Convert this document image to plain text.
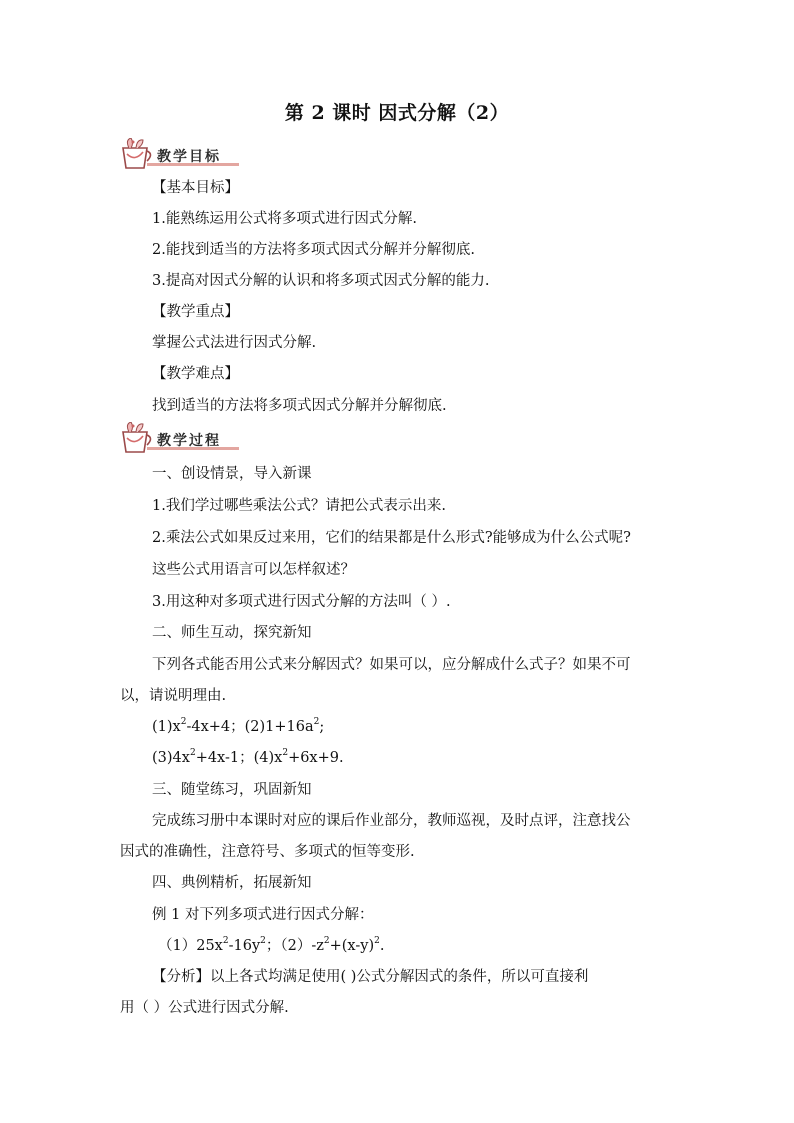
第 2 课时 因式分解（2）
教学目标
【基本目标】
1.能熟练运用公式将多项式进行因式分解.
2.能找到适当的方法将多项式因式分解并分解彻底.
3.提高对因式分解的认识和将多项式因式分解的能力.
【教学重点】
掌握公式法进行因式分解.
【教学难点】
找到适当的方法将多项式因式分解并分解彻底.
教学过程
一、创设情景，导入新课
1.我们学过哪些乘法公式？请把公式表示出来.
2.乘法公式如果反过来用，它们的结果都是什么形式?能够成为什么公式呢?
这些公式用语言可以怎样叙述？
3.用这种对多项式进行因式分解的方法叫（ ）.
二、师生互动，探究新知
下列各式能否用公式来分解因式？如果可以，应分解成什么式子？如果不可
以，请说明理由.
$(1)x^2-4x+4$；$(2)1+16a^2$;
$(3)4x^2+4x-1$；$(4)x^2+6x+9$.
三、随堂练习，巩固新知
完成练习册中本课时对应的课后作业部分，教师巡视，及时点评，注意找公
因式的准确性，注意符号、多项式的恒等变形.
四、典例精析，拓展新知
例 1 对下列多项式进行因式分解：
$(1)25x^2-16y^2$；$(2)-z^2+(x-y)^2$.
【分析】以上各式均满足使用( )公式分解因式的条件，所以可直接利
用（ ）公式进行因式分解.
